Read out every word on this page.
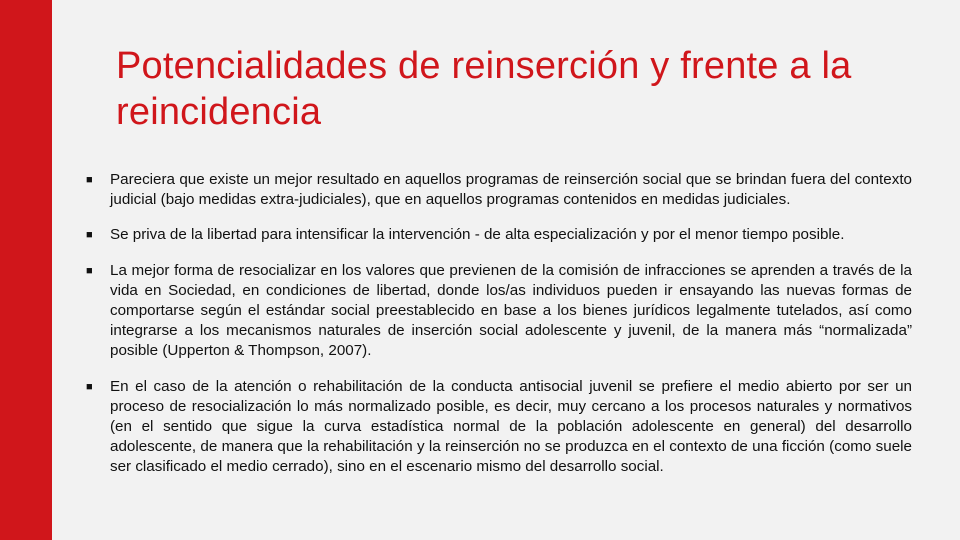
Potencialidades de reinserción y frente a la reincidencia
■	Pareciera que existe un mejor resultado en aquellos programas de reinserción social que se brindan fuera del contexto judicial (bajo medidas extra-judiciales), que en aquellos programas contenidos en medidas judiciales.
■	Se priva de la libertad para intensificar la intervención - de alta especialización y por el menor tiempo posible.
■	La mejor forma de resocializar en los valores que previenen de la comisión de infracciones se aprenden a través de la vida en Sociedad, en condiciones de libertad, donde los/as individuos pueden ir ensayando las nuevas formas de comportarse según el estándar social preestablecido en base a los bienes jurídicos legalmente tutelados, así como integrarse a los mecanismos naturales de inserción social adolescente y juvenil, de la manera más “normalizada” posible (Upperton & Thompson, 2007).
■	En el caso de la atención o rehabilitación de la conducta antisocial juvenil se prefiere el medio abierto por ser un proceso de resocialización lo más normalizado posible, es decir, muy cercano a los procesos naturales y normativos (en el sentido que sigue la curva estadística normal de la población adolescente en general) del desarrollo adolescente, de manera que la rehabilitación y la reinserción no se produzca en el contexto de una ficción (como suele ser clasificado el medio cerrado), sino en el escenario mismo del desarrollo social.
